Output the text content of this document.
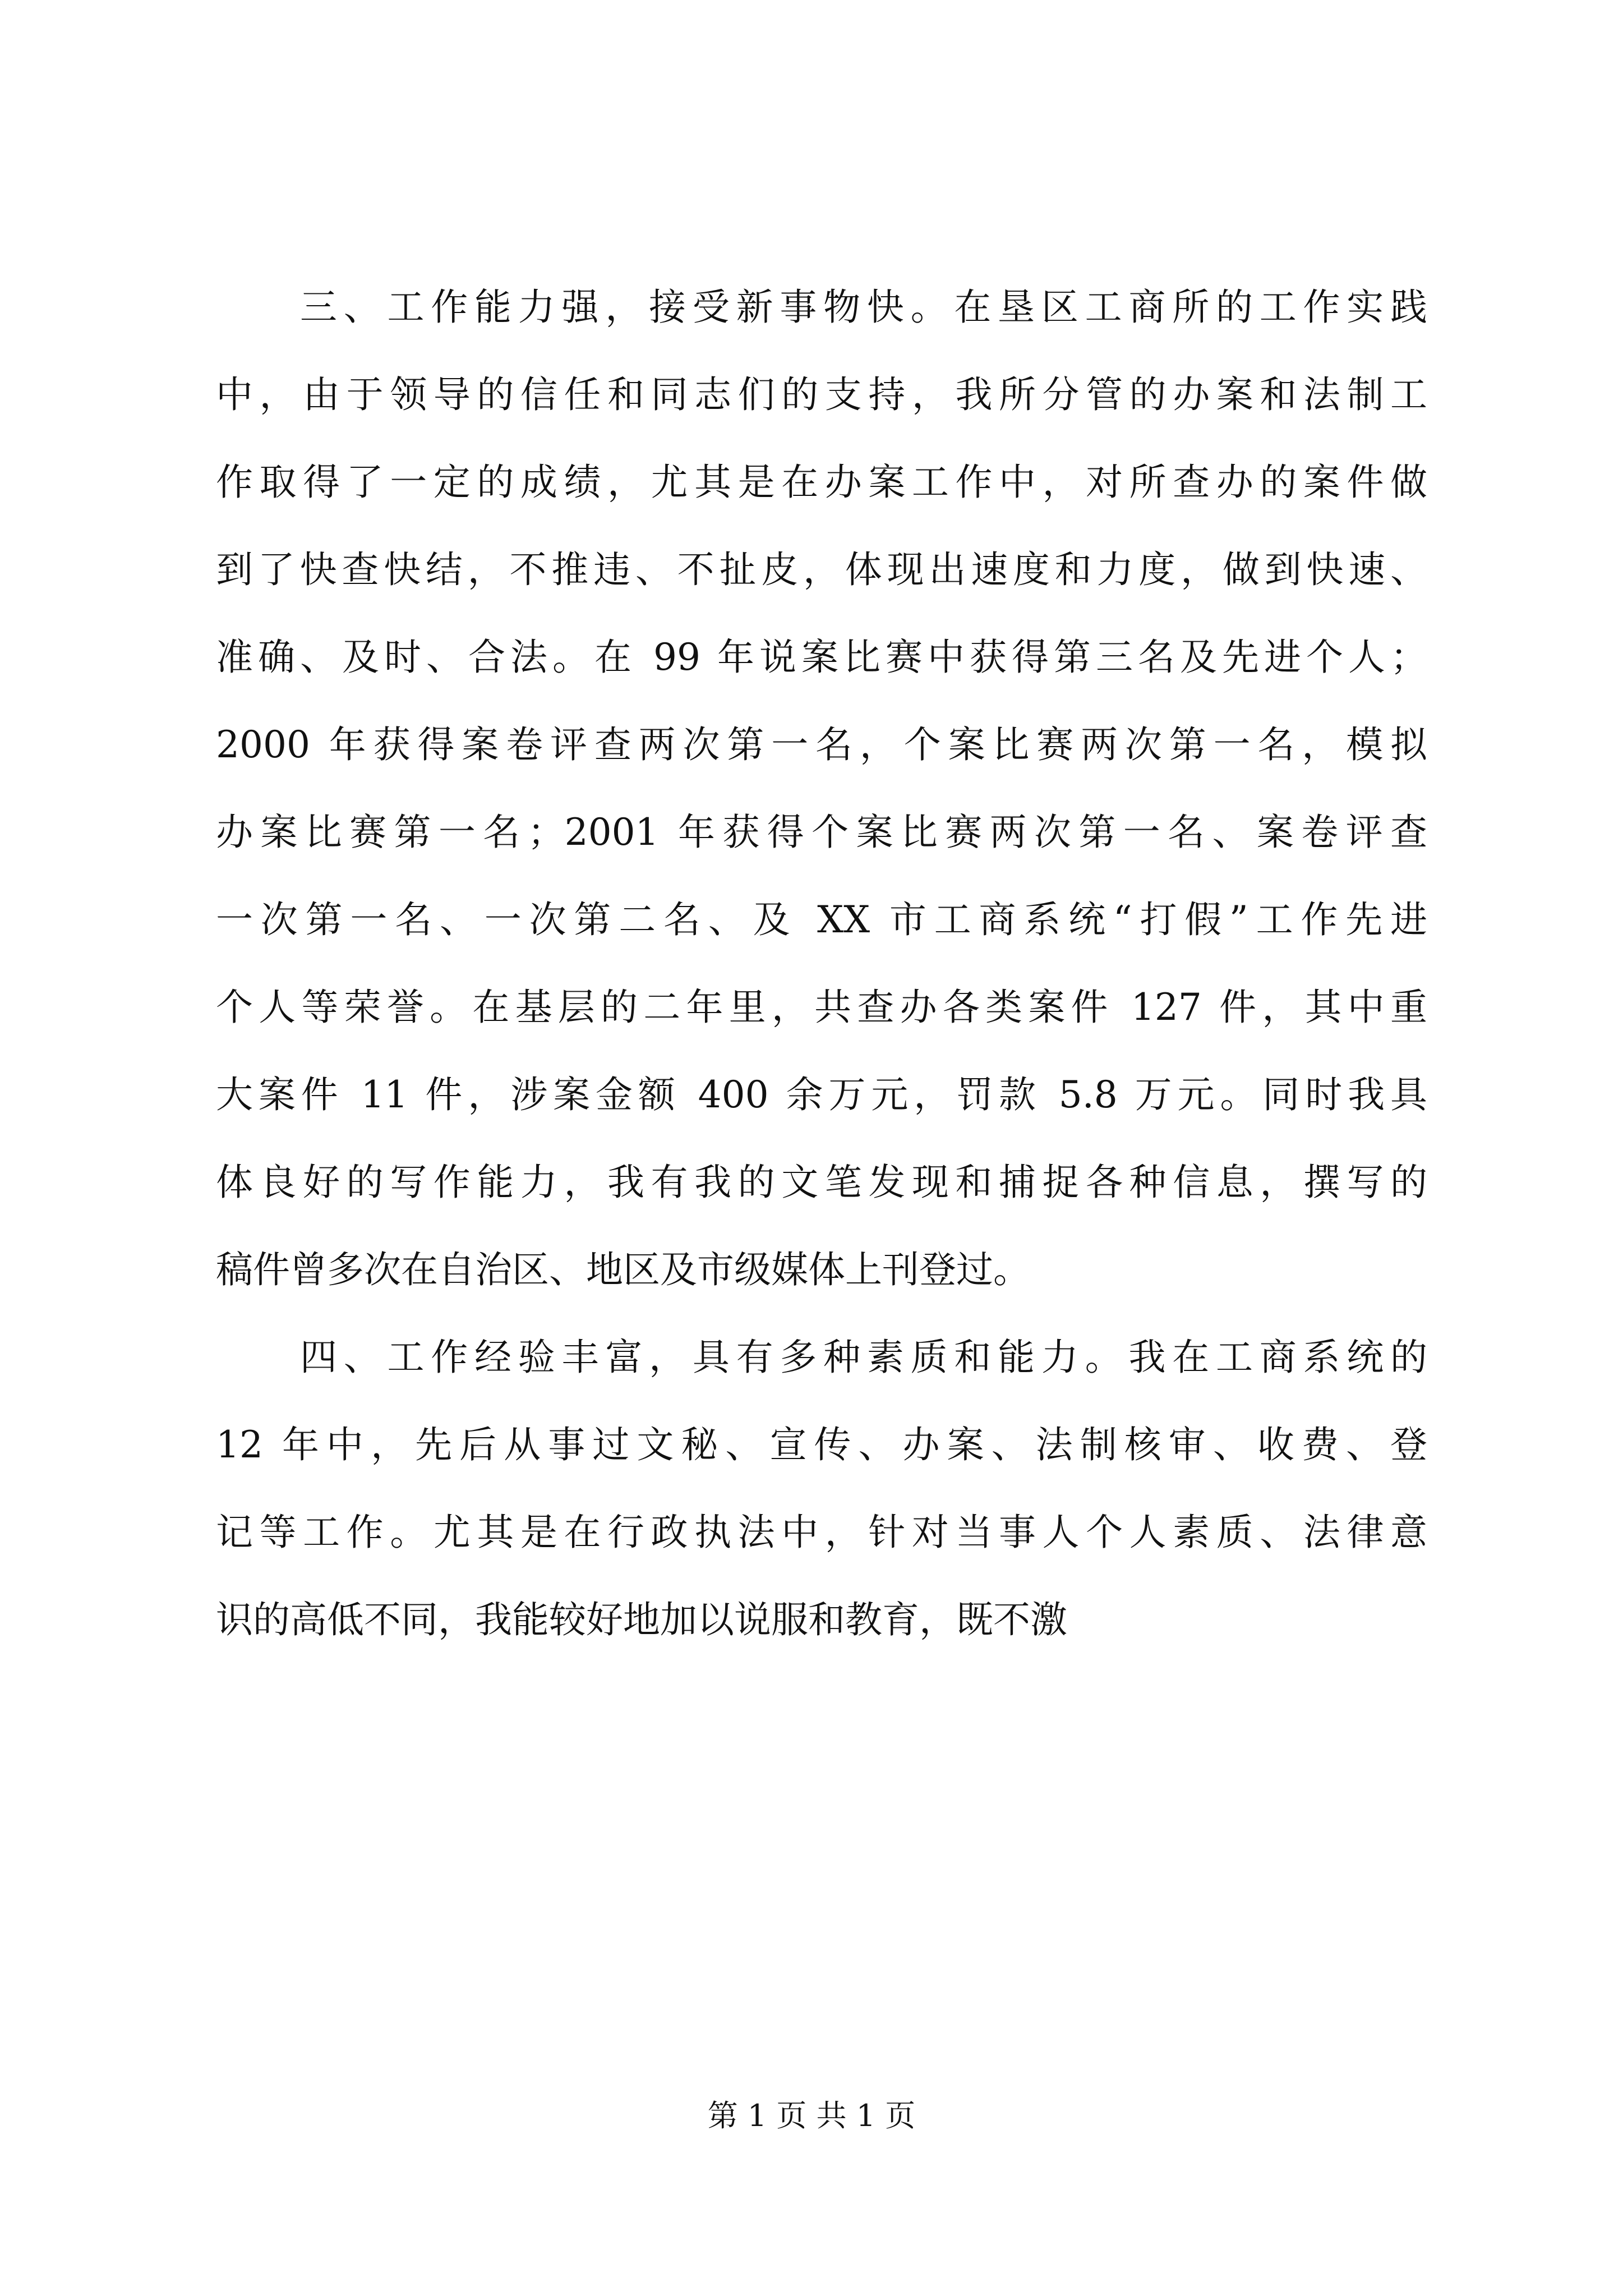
三、工作能力强，接受新事物快。在垦区工商所的工作实践
中，由于领导的信任和同志们的支持，我所分管的办案和法制工
作取得了一定的成绩，尤其是在办案工作中，对所查办的案件做
到了快查快结，不推违、不扯皮，体现出速度和力度，做到快速、
准确、及时、合法。在 99 年说案比赛中获得第三名及先进个人；
2000 年获得案卷评查两次第一名，个案比赛两次第一名，模拟
办案比赛第一名；2001 年获得个案比赛两次第一名、案卷评查
一次第一名、一次第二名、及 XX 市工商系统“打假”工作先进
个人等荣誉。在基层的二年里，共查办各类案件 127 件，其中重
大案件 11 件，涉案金额 400 余万元，罚款 5.8 万元。同时我具
体良好的写作能力，我有我的文笔发现和捕捉各种信息，撰写的
稿件曾多次在自治区、地区及市级媒体上刊登过。
四、工作经验丰富，具有多种素质和能力。我在工商系统的
12 年中，先后从事过文秘、宣传、办案、法制核审、收费、登
记等工作。尤其是在行政执法中，针对当事人个人素质、法律意
识的高低不同，我能较好地加以说服和教育，既不激
第 1 页 共 1 页
